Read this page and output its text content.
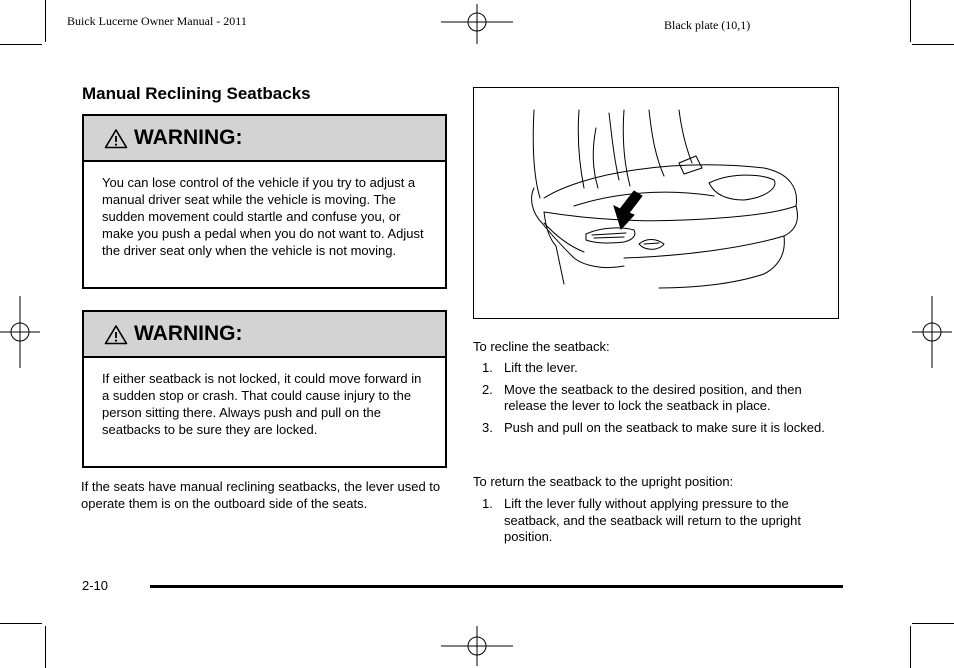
Buick Lucerne Owner Manual - 2011	Black plate (10,1)
Manual Reclining Seatbacks
WARNING:
You can lose control of the vehicle if you try to adjust a manual driver seat while the vehicle is moving. The sudden movement could startle and confuse you, or make you push a pedal when you do not want to. Adjust the driver seat only when the vehicle is not moving.
WARNING:
If either seatback is not locked, it could move forward in a sudden stop or crash. That could cause injury to the person sitting there. Always push and pull on the seatbacks to be sure they are locked.
If the seats have manual reclining seatbacks, the lever used to operate them is on the outboard side of the seats.
To recline the seatback:
1. Lift the lever.
2. Move the seatback to the desired position, and then release the lever to lock the seatback in place.
3. Push and pull on the seatback to make sure it is locked.
To return the seatback to the upright position:
1. Lift the lever fully without applying pressure to the seatback, and the seatback will return to the upright position.
2-10
